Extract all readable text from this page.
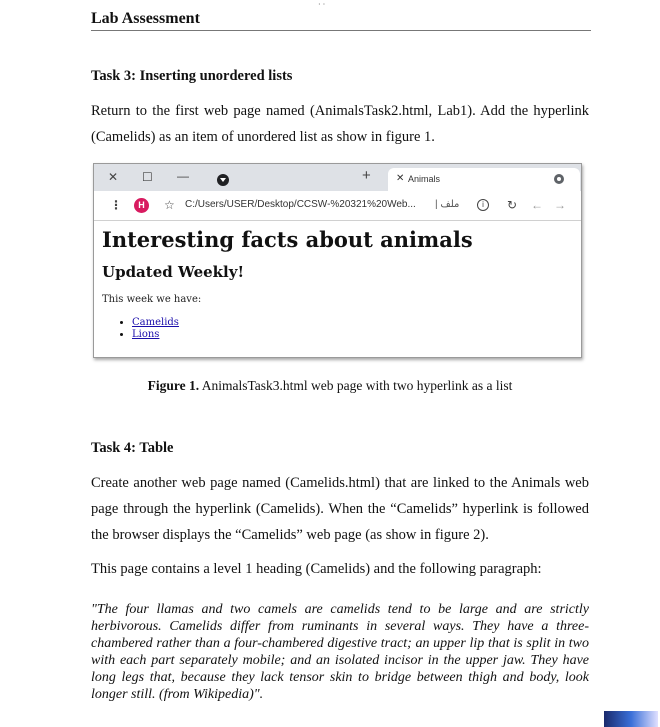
· ·
Lab Assessment
Task 3: Inserting unordered lists
Return to the first web page named (AnimalsTask2.html, Lab1). Add the hyperlink (Camelids) as an item of unordered list as show in figure 1.
✕ ☐ —	+	✕ Animals
⋮	H	☆ C:/Users/USER/Desktop/CCSW-%20321%20Web... | ملف	i	↻ ← →
Interesting facts about animals
Updated Weekly!
This week we have:
• Camelids
• Lions
Figure 1. AnimalsTask3.html web page with two hyperlink as a list
Task 4: Table
Create another web page named (Camelids.html) that are linked to the Animals web page through the hyperlink (Camelids). When the “Camelids” hyperlink is followed the browser displays the “Camelids” web page (as show in figure 2).
This page contains a level 1 heading (Camelids) and the following paragraph:
"The four llamas and two camels are camelids tend to be large and are strictly herbivorous. Camelids differ from ruminants in several ways. They have a three-chambered rather than a four-chambered digestive tract; an upper lip that is split in two with each part separately mobile; and an isolated incisor in the upper jaw. They have long legs that, because they lack tensor skin to bridge between thigh and body, look longer still. (from Wikipedia)".
